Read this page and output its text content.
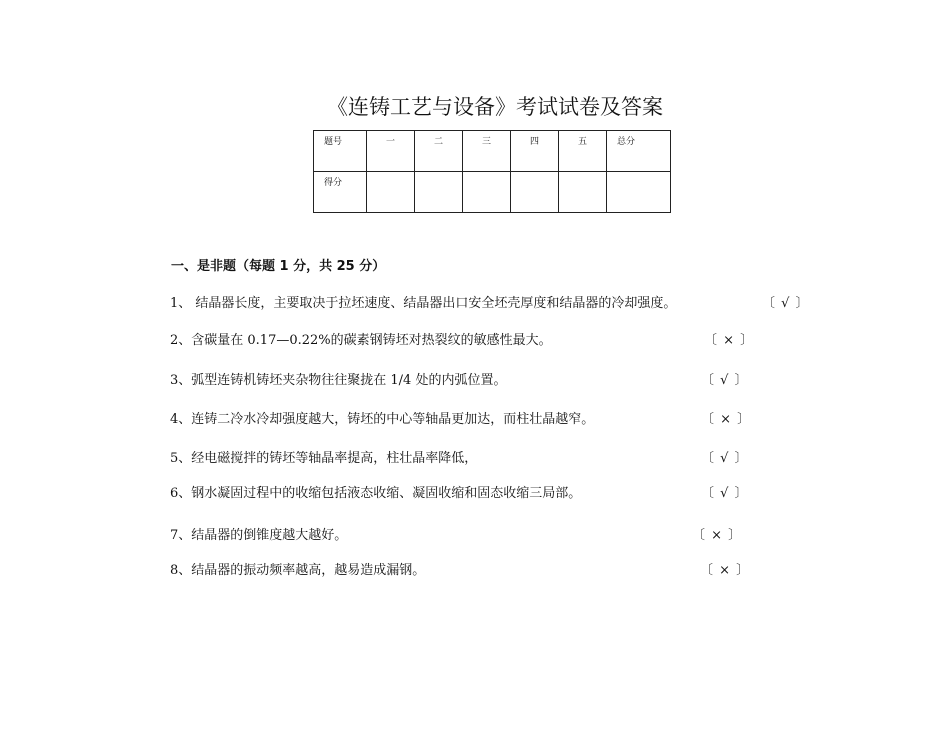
《连铸工艺与设备》考试试卷及答案
题号	一	二	三	四	五	总分
得分						
一、是非题（每题 1 分，共 25 分）
1、 结晶器长度，主要取决于拉坯速度、结晶器出口安全坯壳厚度和结晶器的冷却强度。	〔 √ 〕
2、含碳量在 0.17—0.22%的碳素钢铸坯对热裂纹的敏感性最大。	〔 × 〕
3、弧型连铸机铸坯夹杂物往往聚拢在 1/4 处的内弧位置。	〔 √ 〕
4、连铸二冷水冷却强度越大，铸坯的中心等轴晶更加达，而柱壮晶越窄。	〔 × 〕
5、经电磁搅拌的铸坯等轴晶率提高，柱壮晶率降低，	〔 √ 〕
6、钢水凝固过程中的收缩包括液态收缩、凝固收缩和固态收缩三局部。	〔 √ 〕
7、结晶器的倒锥度越大越好。	〔 × 〕
8、结晶器的振动频率越高，越易造成漏钢。	〔 × 〕
